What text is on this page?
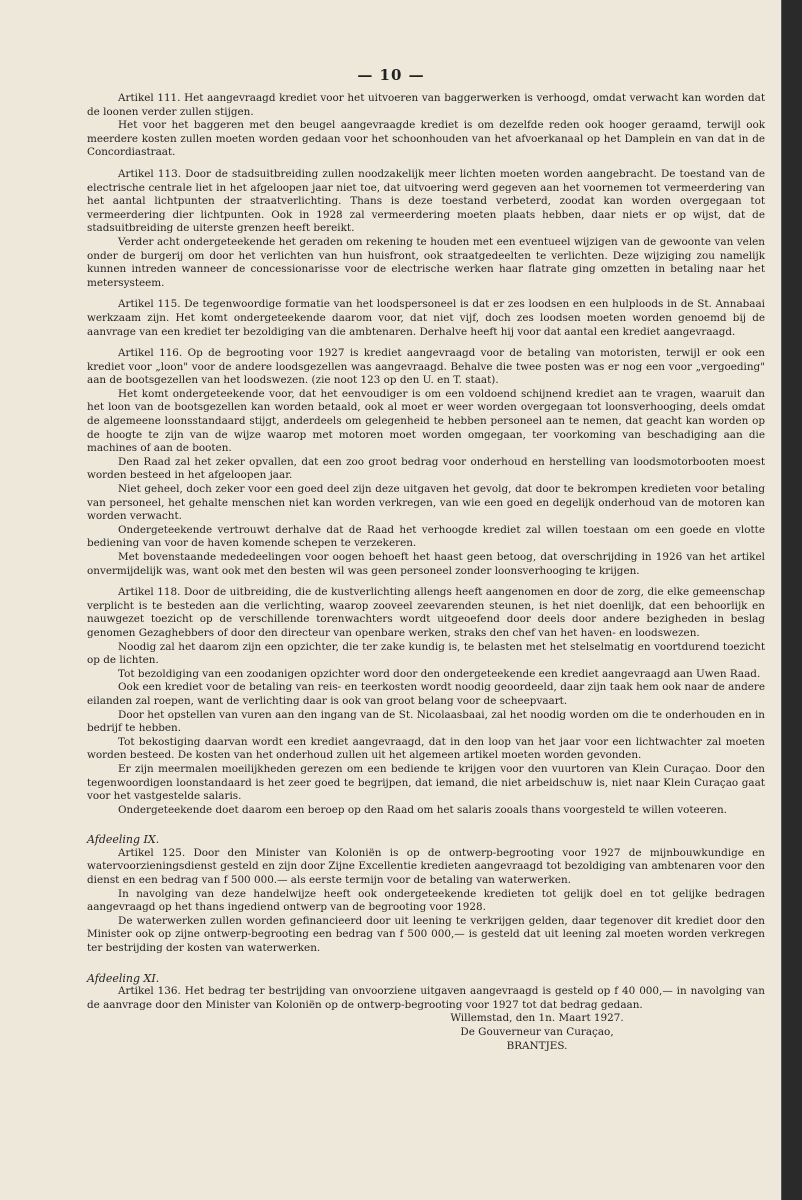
— 10 —

Artikel 111. Het aangevraagd krediet voor het uitvoeren van baggerwerken is verhoogd, omdat verwacht kan worden dat de loonen verder zullen stijgen.

Het voor het baggeren met den beugel aangevraagde krediet is om dezelfde reden ook hooger geraamd, terwijl ook meerdere kosten zullen moeten worden gedaan voor het schoonhouden van het afvoerkanaal op het Damplein en van dat in de Concordiastraat.

Artikel 113. Door de stadsuitbreiding zullen noodzakelijk meer lichten moeten worden aangebracht. De toestand van de electrische centrale liet in het afgeloopen jaar niet toe, dat uitvoering werd gegeven aan het voornemen tot vermeerdering van het aantal lichtpunten der straatverlichting. Thans is deze toestand verbeterd, zoodat kan worden overgegaan tot vermeerdering dier lichtpunten. Ook in 1928 zal vermeerdering moeten plaats hebben, daar niets er op wijst, dat de stadsuitbreiding de uiterste grenzen heeft bereikt.

Verder acht ondergeteekende het geraden om rekening te houden met een eventueel wijzigen van de gewoonte van velen onder de burgerij om door het verlichten van hun huisfront, ook straatgedeelten te verlichten. Deze wijziging zou namelijk kunnen intreden wanneer de concessionarisse voor de electrische werken haar flatrate ging omzetten in betaling naar het metersysteem.

Artikel 115. De tegenwoordige formatie van het loodspersoneel is dat er zes loodsen en een hulploods in de St. Annabaai werkzaam zijn. Het komt ondergeteekende daarom voor, dat niet vijf, doch zes loodsen moeten worden genoemd bij de aanvrage van een krediet ter bezoldiging van die ambtenaren. Derhalve heeft hij voor dat aantal een krediet aangevraagd.

Artikel 116. Op de begrooting voor 1927 is krediet aangevraagd voor de betaling van motoristen, terwijl er ook een krediet voor „loon" voor de andere loodsgezellen was aangevraagd. Behalve die twee posten was er nog een voor „vergoeding" aan de bootsgezellen van het loodswezen. (zie noot 123 op den U. en T. staat).

Het komt ondergeteekende voor, dat het eenvoudiger is om een voldoend schijnend krediet aan te vragen, waaruit dan het loon van de bootsgezellen kan worden betaald, ook al moet er weer worden overgegaan tot loonsverhooging, deels omdat de algemeene loonsstandaard stijgt, anderdeels om gelegenheid te hebben personeel aan te nemen, dat geacht kan worden op de hoogte te zijn van de wijze waarop met motoren moet worden omgegaan, ter voorkoming van beschadiging aan die machines of aan de booten.

Den Raad zal het zeker opvallen, dat een zoo groot bedrag voor onderhoud en herstelling van loodsmotorbooten moest worden besteed in het afgeloopen jaar.

Niet geheel, doch zeker voor een goed deel zijn deze uitgaven het gevolg, dat door te bekrompen kredieten voor betaling van personeel, het gehalte menschen niet kan worden verkregen, van wie een goed en degelijk onderhoud van de motoren kan worden verwacht.

Ondergeteekende vertrouwt derhalve dat de Raad het verhoogde krediet zal willen toestaan om een goede en vlotte bediening van voor de haven komende schepen te verzekeren.

Met bovenstaande mededeelingen voor oogen behoeft het haast geen betoog, dat overschrijding in 1926 van het artikel onvermijdelijk was, want ook met den besten wil was geen personeel zonder loonsverhooging te krijgen.

Artikel 118. Door de uitbreiding, die de kustverlichting allengs heeft aangenomen en door de zorg, die elke gemeenschap verplicht is te besteden aan die verlichting, waarop zooveel zeevarenden steunen, is het niet doenlijk, dat een behoorlijk en nauwgezet toezicht op de verschillende torenwachters wordt uitgeoefend door deels door andere bezigheden in beslag genomen Gezaghebbers of door den directeur van openbare werken, straks den chef van het haven- en loodswezen.

Noodig zal het daarom zijn een opzichter, die ter zake kundig is, te belasten met het stelselmatig en voortdurend toezicht op de lichten.

Tot bezoldiging van een zoodanigen opzichter word door den ondergeteekende een krediet aangevraagd aan Uwen Raad.

Ook een krediet voor de betaling van reis- en teerkosten wordt noodig geoordeeld, daar zijn taak hem ook naar de andere eilanden zal roepen, want de verlichting daar is ook van groot belang voor de scheepvaart.

Door het opstellen van vuren aan den ingang van de St. Nicolaasbaai, zal het noodig worden om die te onderhouden en in bedrijf te hebben.

Tot bekostiging daarvan wordt een krediet aangevraagd, dat in den loop van het jaar voor een lichtwachter zal moeten worden besteed. De kosten van het onderhoud zullen uit het algemeen artikel moeten worden gevonden.

Er zijn meermalen moeilijkheden gerezen om een bediende te krijgen voor den vuurtoren van Klein Curaçao. Door den tegenwoordigen loonstandaard is het zeer goed te begrijpen, dat iemand, die niet arbeidschuw is, niet naar Klein Curaçao gaat voor het vastgestelde salaris.

Ondergeteekende doet daarom een beroep op den Raad om het salaris zooals thans voorgesteld te willen voteeren.

Afdeeling IX.

Artikel 125. Door den Minister van Koloniën is op de ontwerp-begrooting voor 1927 de mijnbouwkundige en watervoorzieningsdienst gesteld en zijn door Zijne Excellentie kredieten aangevraagd tot bezoldiging van ambtenaren voor den dienst en een bedrag van f 500 000.— als eerste termijn voor de betaling van waterwerken.

In navolging van deze handelwijze heeft ook ondergeteekende kredieten tot gelijk doel en tot gelijke bedragen aangevraagd op het thans ingediend ontwerp van de begrooting voor 1928.

De waterwerken zullen worden gefinancieerd door uit leening te verkrijgen gelden, daar tegenover dit krediet door den Minister ook op zijne ontwerp-begrooting een bedrag van f 500 000,— is gesteld dat uit leening zal moeten worden verkregen ter bestrijding der kosten van waterwerken.

Afdeeling XI.

Artikel 136. Het bedrag ter bestrijding van onvoorziene uitgaven aangevraagd is gesteld op f 40 000,— in navolging van de aanvrage door den Minister van Koloniën op de ontwerp-begrooting voor 1927 tot dat bedrag gedaan.

Willemstad, den 1n. Maart 1927.
De Gouverneur van Curaçao,
BRANTJES.
